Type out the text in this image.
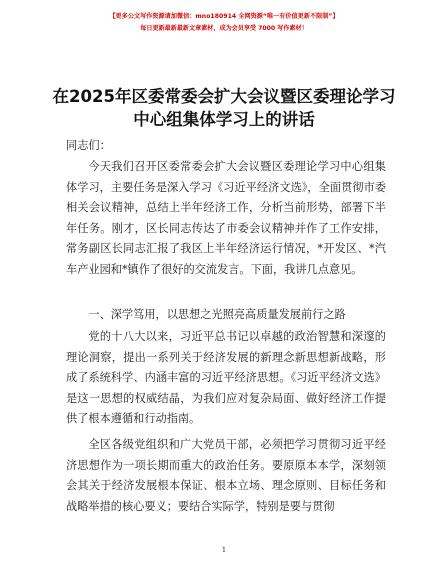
【更多公文写作资源请加微信：mno180914 全网资源“唯一有价值更新不限制”】
每日更新最新最新文章素材，成为会员享受 7000 写作素材！
在2025年区委常委会扩大会议暨区委理论学习
中心组集体学习上的讲话

同志们：

今天我们召开区委常委会扩大会议暨区委理论学习中心组集体学习，主要任务是深入学习《习近平经济文选》，全面贯彻市委相关会议精神，总结上半年经济工作，分析当前形势，部署下半年任务。刚才，区长同志传达了市委会议精神并作了工作安排，常务副区长同志汇报了我区上半年经济运行情况，*开发区、*汽车产业园和*镇作了很好的交流发言。下面，我讲几点意见。

一、深学笃用，以思想之光照亮高质量发展前行之路

党的十八大以来，习近平总书记以卓越的政治智慧和深邃的理论洞察，提出一系列关于经济发展的新理念新思想新战略，形成了系统科学、内涵丰富的习近平经济思想。《习近平经济文选》是这一思想的权威结晶，为我们应对复杂局面、做好经济工作提供了根本遵循和行动指南。

全区各级党组织和广大党员干部，必须把学习贯彻习近平经济思想作为一项长期而重大的政治任务。要原原本本学，深刻领会其关于经济发展根本保证、根本立场、理念原则、目标任务和战略举措的核心要义；要结合实际学，特别是要与贯彻

1
